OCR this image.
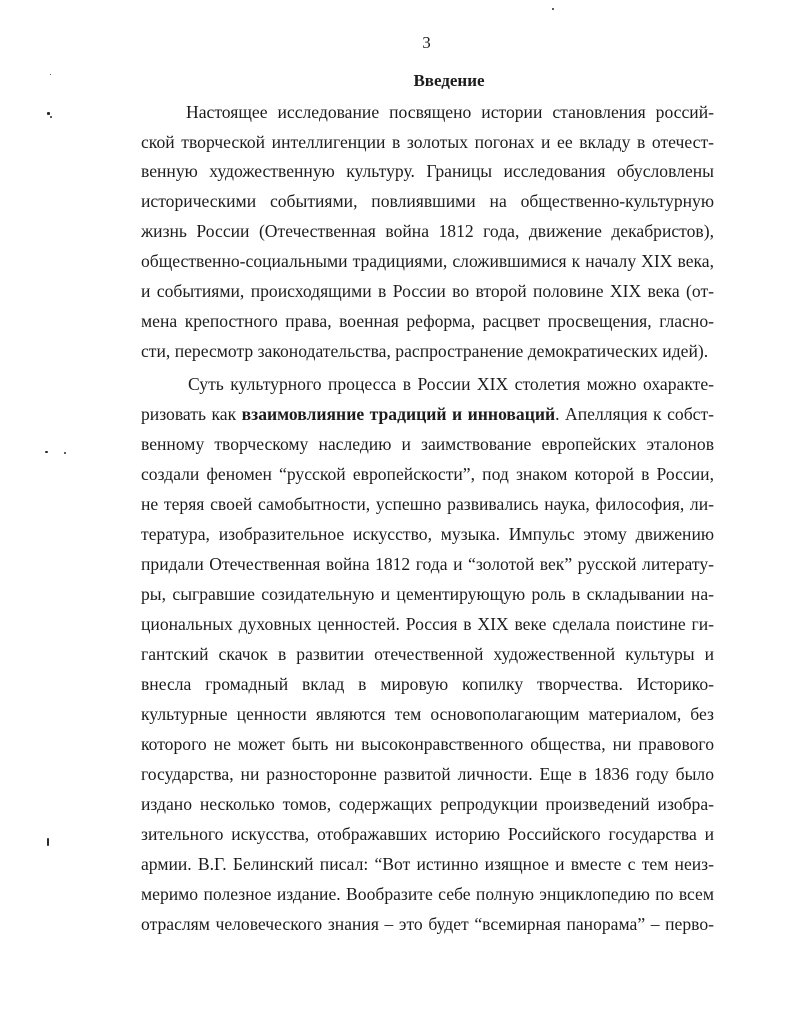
3
Введение
Настоящее исследование посвящено истории становления россий-
ской творческой интеллигенции в золотых погонах и ее вкладу в отечест-
венную художественную культуру. Границы исследования обусловлены
историческими событиями, повлиявшими на общественно-культурную
жизнь России (Отечественная война 1812 года, движение декабристов),
общественно-социальными традициями, сложившимися к началу XIX века,
и событиями, происходящими в России во второй половине XIX века (от-
мена крепостного права, военная реформа, расцвет просвещения, гласно-
сти, пересмотр законодательства, распространение демократических идей).
Суть культурного процесса в России XIX столетия можно охаракте-
ризовать как взаимовлияние традиций и инноваций. Апелляция к собст-
венному творческому наследию и заимствование европейских эталонов
создали феномен “русской европейскости”, под знаком которой в России,
не теряя своей самобытности, успешно развивались наука, философия, ли-
тература, изобразительное искусство, музыка. Импульс этому движению
придали Отечественная война 1812 года и “золотой век” русской литерату-
ры, сыгравшие созидательную и цементирующую роль в складывании на-
циональных духовных ценностей. Россия в XIX веке сделала поистине ги-
гантский скачок в развитии отечественной художественной культуры и
внесла громадный вклад в мировую копилку творчества. Историко-
культурные ценности являются тем основополагающим материалом, без
которого не может быть ни высоконравственного общества, ни правового
государства, ни разносторонне развитой личности. Еще в 1836 году было
издано несколько томов, содержащих репродукции произведений изобра-
зительного искусства, отображавших историю Российского государства и
армии. В.Г. Белинский писал: “Вот истинно изящное и вместе с тем неиз-
меримо полезное издание. Вообразите себе полную энциклопедию по всем
отраслям человеческого знания – это будет “всемирная панорама” – перво-
